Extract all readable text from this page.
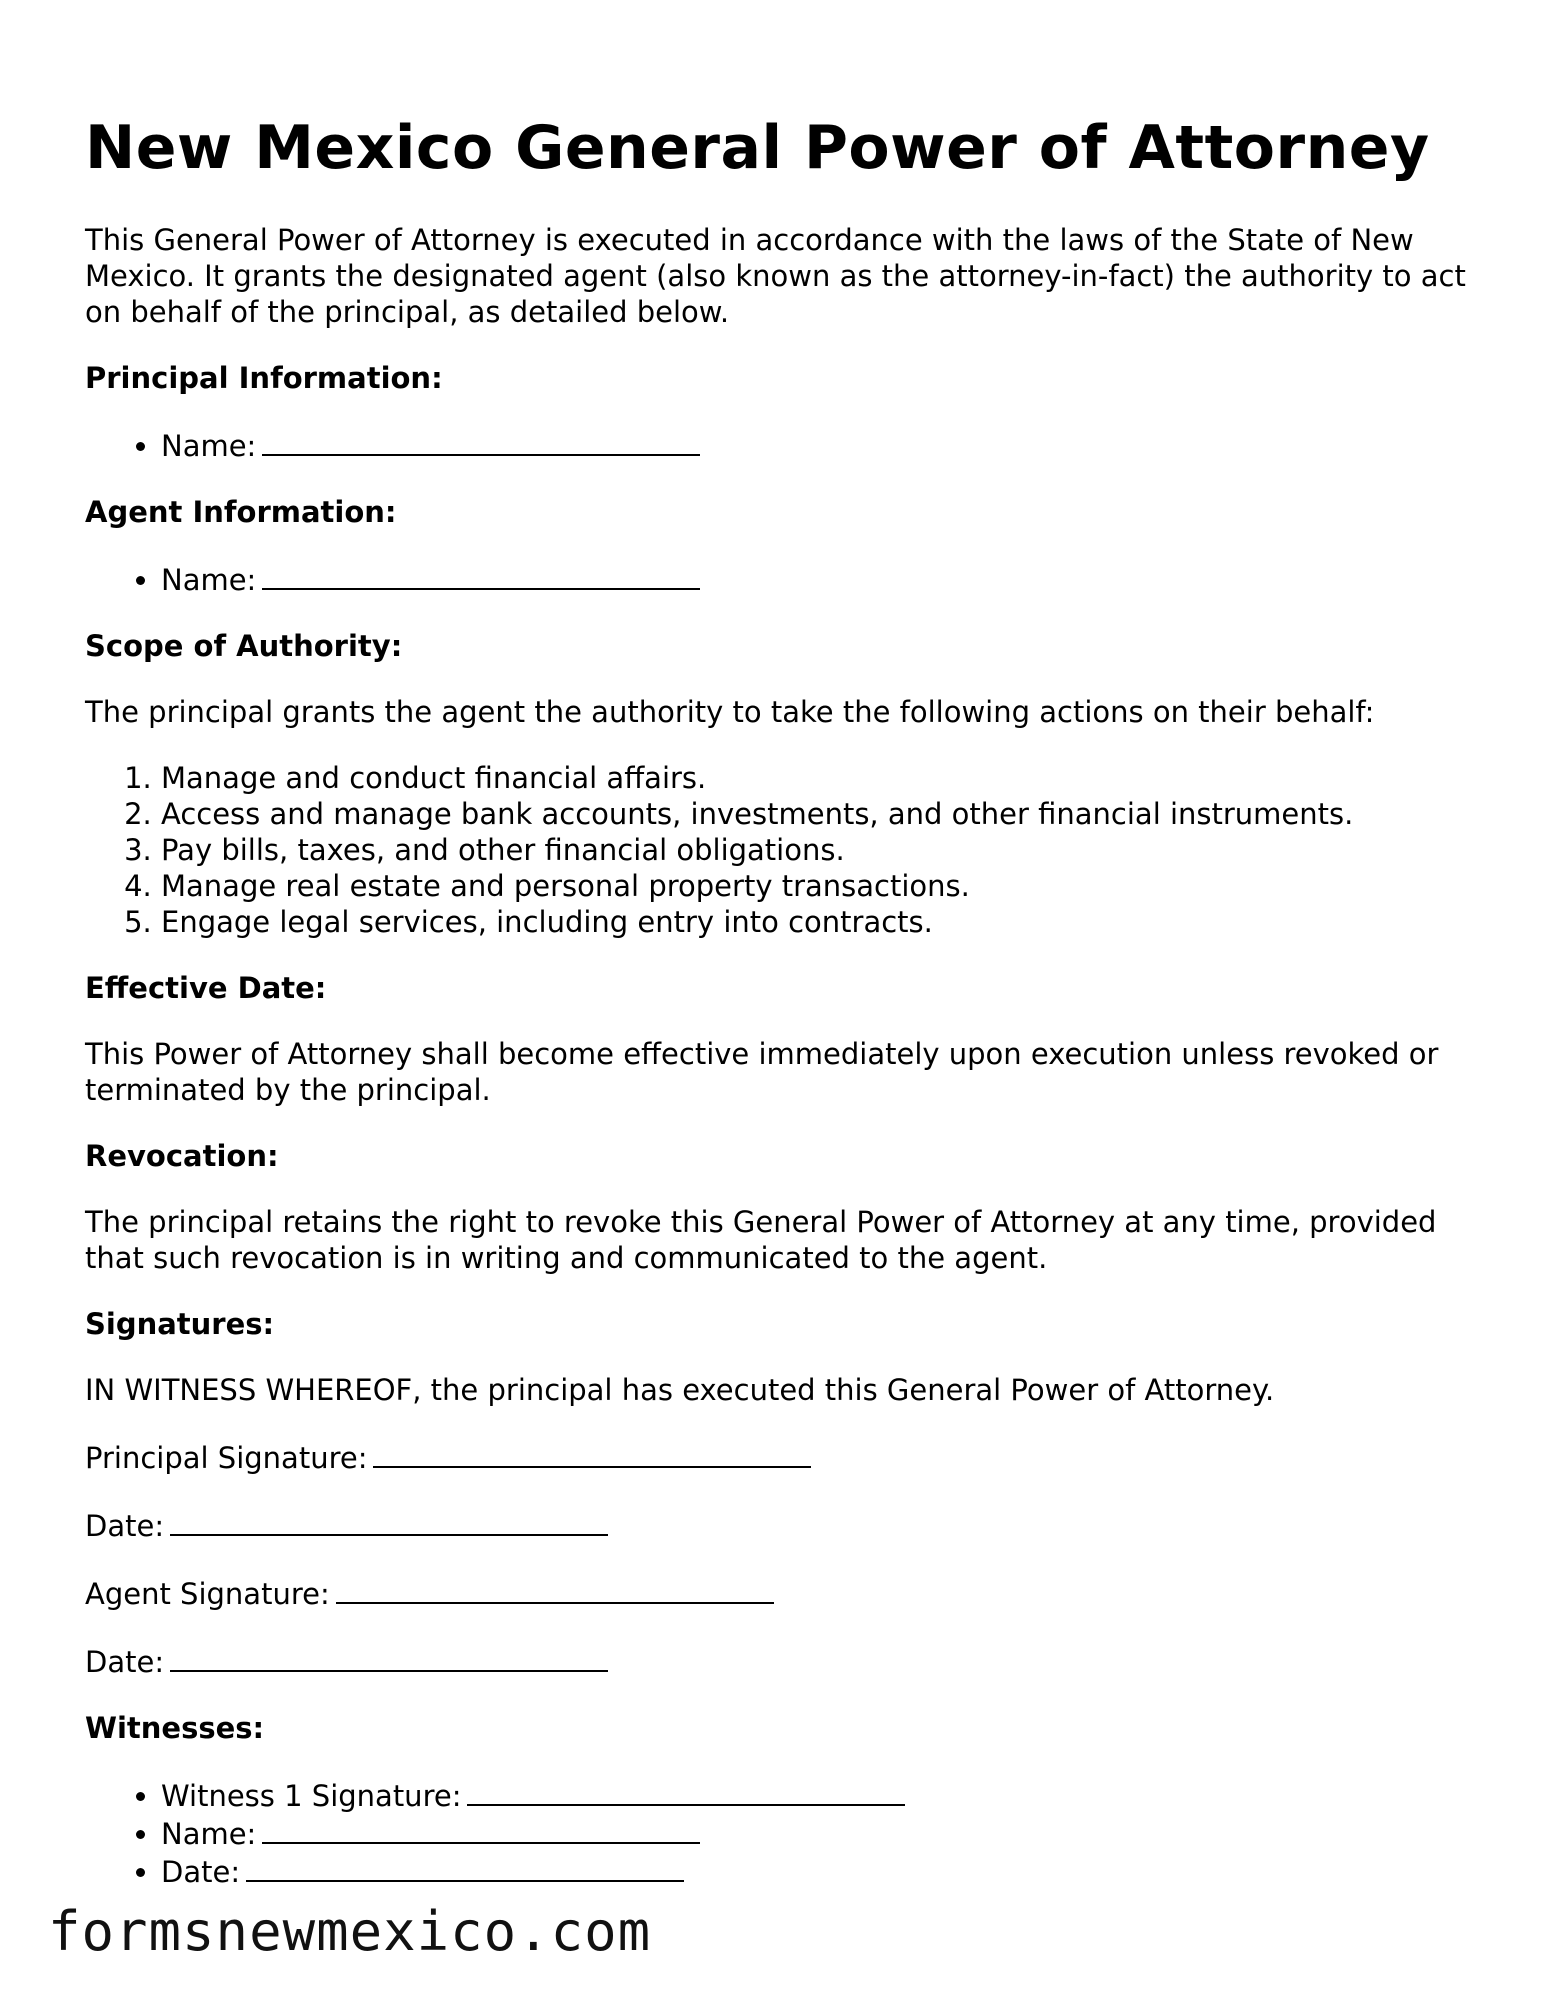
New Mexico General Power of Attorney

This General Power of Attorney is executed in accordance with the laws of the State of New Mexico. It grants the designated agent (also known as the attorney-in-fact) the authority to act on behalf of the principal, as detailed below.

Principal Information:

• Name:

Agent Information:

• Name:

Scope of Authority:

The principal grants the agent the authority to take the following actions on their behalf:

1. Manage and conduct financial affairs.
2. Access and manage bank accounts, investments, and other financial instruments.
3. Pay bills, taxes, and other financial obligations.
4. Manage real estate and personal property transactions.
5. Engage legal services, including entry into contracts.

Effective Date:

This Power of Attorney shall become effective immediately upon execution unless revoked or terminated by the principal.

Revocation:

The principal retains the right to revoke this General Power of Attorney at any time, provided that such revocation is in writing and communicated to the agent.

Signatures:

IN WITNESS WHEREOF, the principal has executed this General Power of Attorney.

Principal Signature:

Date:

Agent Signature:

Date:

Witnesses:

• Witness 1 Signature:
• Name:
• Date:
formsnewmexico.com
